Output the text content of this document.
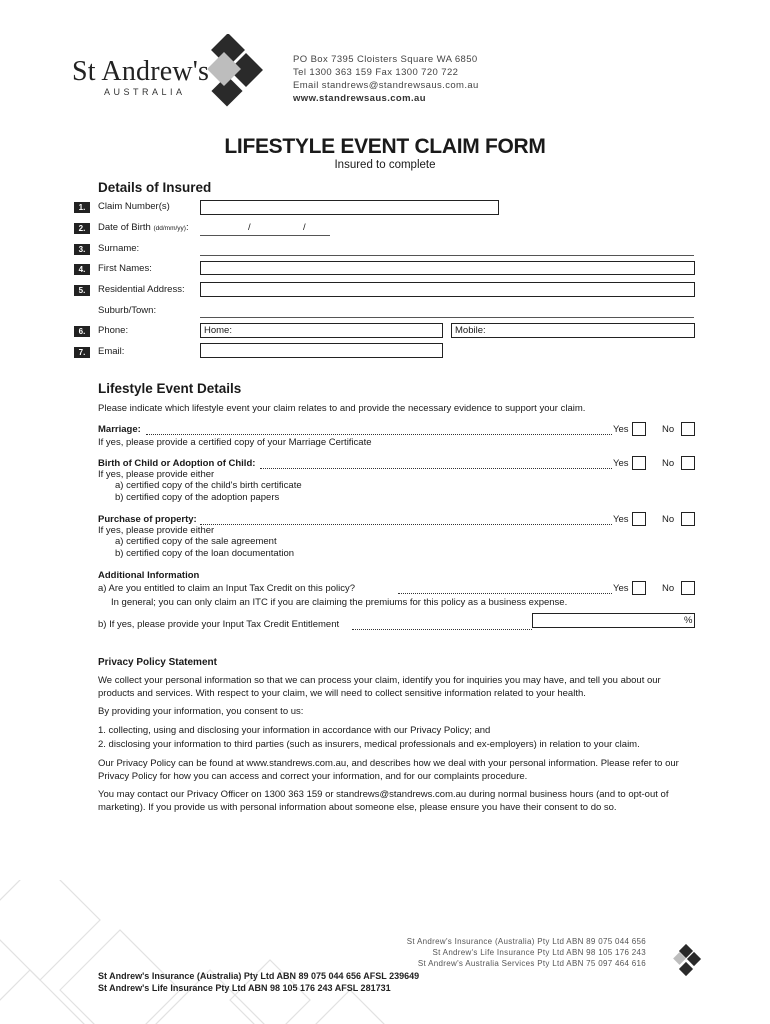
St Andrew's
AUSTRALIA
PO Box 7395 Cloisters Square WA 6850
Tel 1300 363 159 Fax 1300 720 722
Email standrews@standrewsaus.com.au
www.standrewsaus.com.au
LIFESTYLE EVENT CLAIM FORM
Insured to complete
Details of Insured
1.	Claim Number(s)
2.	Date of Birth (dd/mm/yy):	/	/
3.	Surname:
4.	First Names:
5.	Residential Address:
Suburb/Town:
6.	Phone:	Home:	Mobile:
7.	Email:
Lifestyle Event Details
Please indicate which lifestyle event your claim relates to and provide the necessary evidence to support your claim.
Marriage:	Yes	No
If yes, please provide a certified copy of your Marriage Certificate
Birth of Child or Adoption of Child:	Yes	No
If yes, please provide either
a) certified copy of the child's birth certificate
b) certified copy of the adoption papers
Purchase of property:	Yes	No
If yes, please provide either
a) certified copy of the sale agreement
b) certified copy of the loan documentation
Additional Information
a) Are you entitled to claim an Input Tax Credit on this policy?	Yes	No
In general; you can only claim an ITC if you are claiming the premiums for this policy as a business expense.
b) If yes, please provide your Input Tax Credit Entitlement	%
Privacy Policy Statement
We collect your personal information so that we can process your claim, identify you for inquiries you may have, and tell you about our products and services. With respect to your claim, we will need to collect sensitive information related to your health.
By providing your information, you consent to us:
1. collecting, using and disclosing your information in accordance with our Privacy Policy; and
2. disclosing your information to third parties (such as insurers, medical professionals and ex-employers) in relation to your claim.
Our Privacy Policy can be found at www.standrews.com.au, and describes how we deal with your personal information. Please refer to our Privacy Policy for how you can access and correct your information, and for our complaints procedure.
You may contact our Privacy Officer on 1300 363 159 or standrews@standrews.com.au during normal business hours (and to opt-out of marketing). If you provide us with personal information about someone else, please ensure you have their consent to do so.
St Andrew's Insurance (Australia) Pty Ltd ABN 89 075 044 656
St Andrew's Life Insurance Pty Ltd ABN 98 105 176 243
St Andrew's Australia Services Pty Ltd ABN 75 097 464 616
St Andrew's Insurance (Australia) Pty Ltd ABN 89 075 044 656 AFSL 239649
St Andrew's Life Insurance Pty Ltd ABN 98 105 176 243 AFSL 281731
